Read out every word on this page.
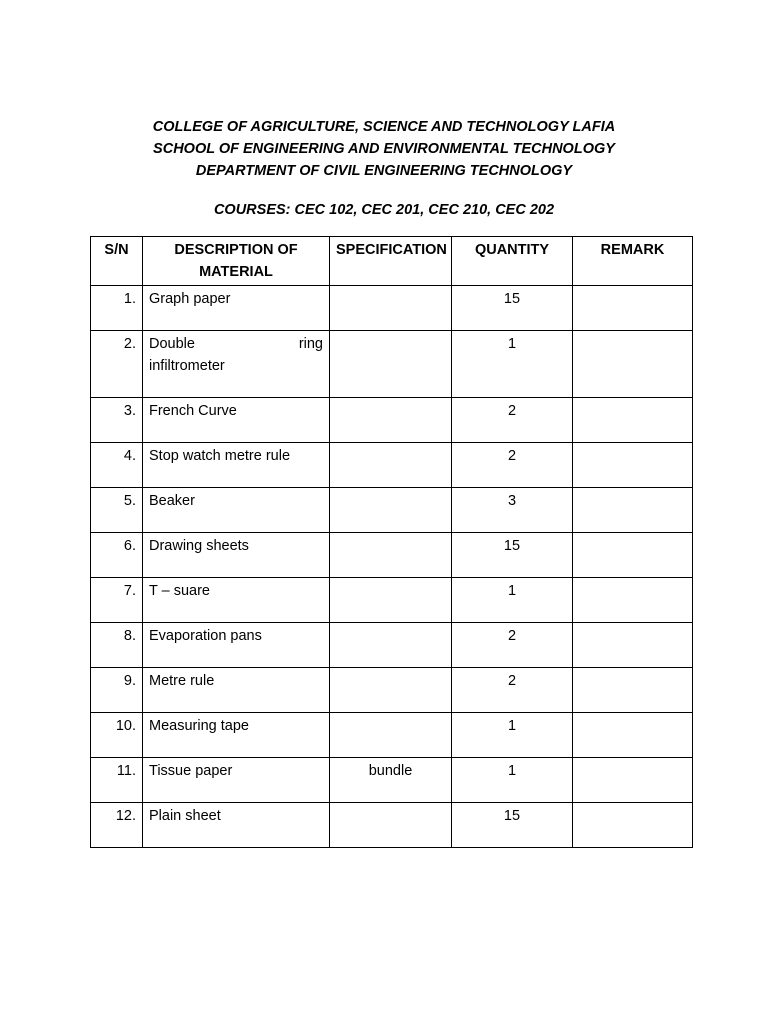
COLLEGE OF AGRICULTURE, SCIENCE AND TECHNOLOGY LAFIA
SCHOOL OF ENGINEERING AND ENVIRONMENTAL TECHNOLOGY
DEPARTMENT OF CIVIL ENGINEERING TECHNOLOGY
COURSES: CEC 102, CEC 201, CEC 210, CEC 202
S/N	DESCRIPTION OF MATERIAL	SPECIFICATION	QUANTITY	REMARK
1.	Graph paper		15	
2.	Double ring
infiltrometer		1	
3.	French Curve		2	
4.	Stop watch metre rule		2	
5.	Beaker		3	
6.	Drawing sheets		15	
7.	T – suare		1	
8.	Evaporation pans		2	
9.	Metre rule		2	
10.	Measuring tape		1	
11.	Tissue paper	bundle	1	
12.	Plain sheet		15	
